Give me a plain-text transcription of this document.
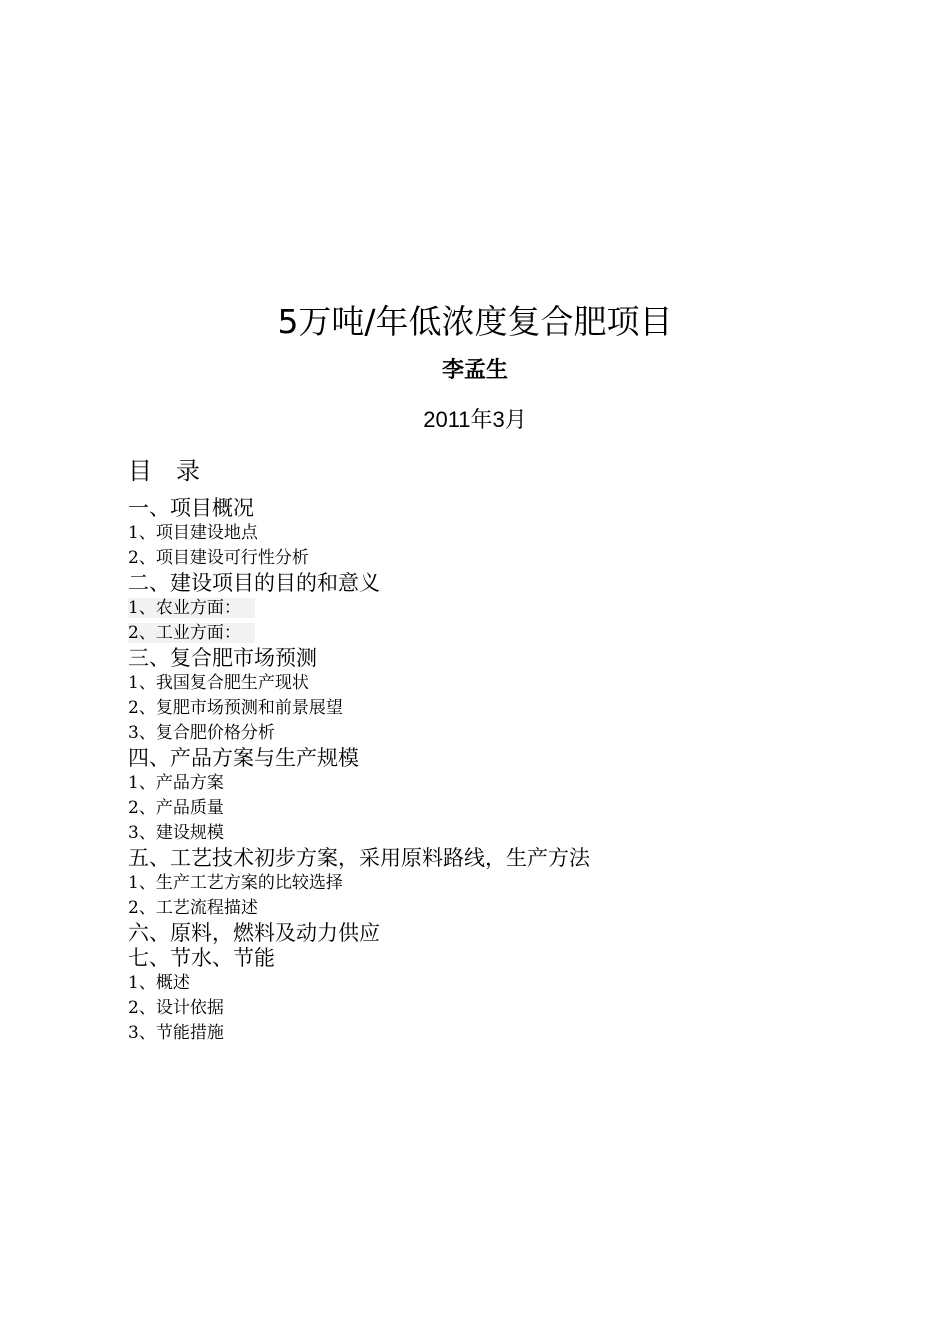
5万吨/年低浓度复合肥项目
李孟生
2011年3月
目录
一、项目概况
1、项目建设地点
2、项目建设可行性分析
二、建设项目的目的和意义
1、农业方面：
2、工业方面：
三、复合肥市场预测
1、我国复合肥生产现状
2、复肥市场预测和前景展望
3、复合肥价格分析
四、产品方案与生产规模
1、产品方案
2、产品质量
3、建设规模
五、工艺技术初步方案，采用原料路线，生产方法
1、生产工艺方案的比较选择
2、工艺流程描述
六、原料，燃料及动力供应
七、节水、节能
1、概述
2、设计依据
3、节能措施
